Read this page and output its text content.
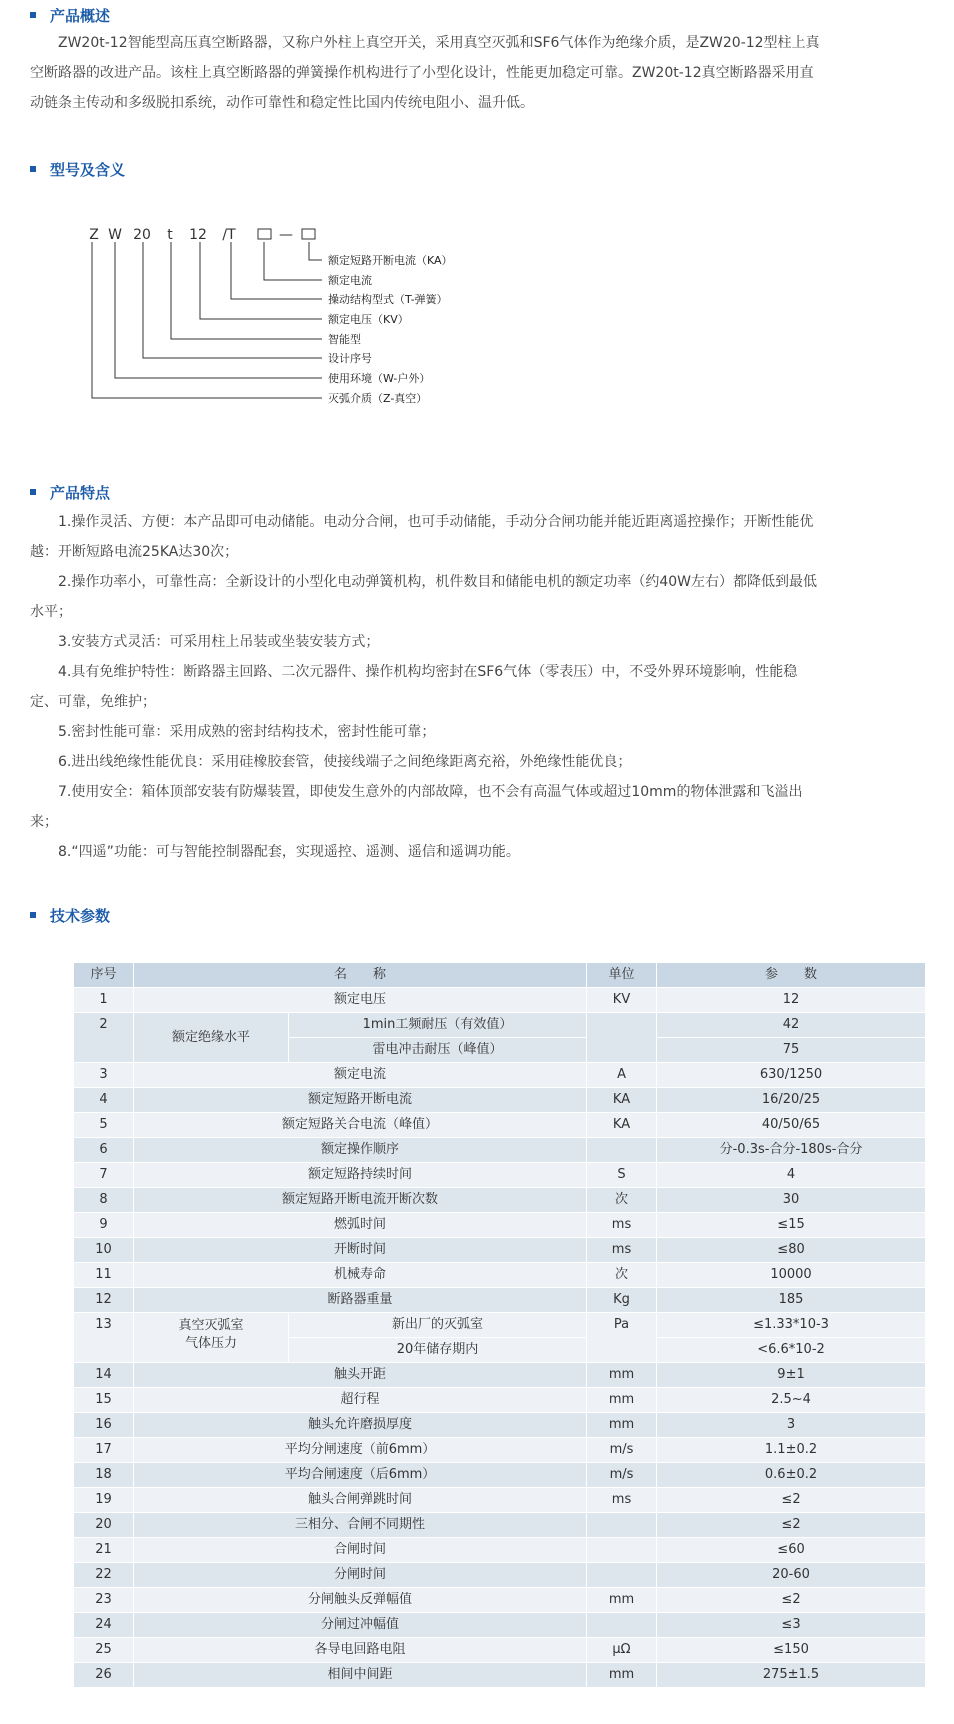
产品概述

ZW20t-12智能型高压真空断路器，又称户外柱上真空开关，采用真空灭弧和SF6气体作为绝缘介质，是ZW20-12型柱上真

空断路器的改进产品。该柱上真空断路器的弹簧操作机构进行了小型化设计，性能更加稳定可靠。ZW20t-12真空断路器采用直

动链条主传动和多级脱扣系统，动作可靠性和稳定性比国内传统电阻小、温升低。

型号及含义
Z W 20 t 12 /T	—
额定短路开断电流（KA）
额定电流
操动结构型式（T-弹簧）
额定电压（KV）
智能型
设计序号
使用环境（W-户外）
灭弧介质（Z-真空）
产品特点

1.操作灵活、方便：本产品即可电动储能。电动分合闸，也可手动储能，手动分合闸功能并能近距离遥控操作；开断性能优

越：开断短路电流25KA达30次；

2.操作功率小，可靠性高：全新设计的小型化电动弹簧机构，机件数目和储能电机的额定功率（约40W左右）都降低到最低

水平；

3.安装方式灵活：可采用柱上吊装或坐装安装方式；

4.具有免维护特性：断路器主回路、二次元器件、操作机构均密封在SF6气体（零表压）中，不受外界环境影响，性能稳

定、可靠，免维护；

5.密封性能可靠：采用成熟的密封结构技术，密封性能可靠；

6.进出线绝缘性能优良：采用硅橡胶套管，使接线端子之间绝缘距离充裕，外绝缘性能优良；

7.使用安全：箱体顶部安装有防爆装置，即使发生意外的内部故障，也不会有高温气体或超过10mm的物体泄露和飞溢出

来；

8.“四遥”功能：可与智能控制器配套，实现遥控、遥测、遥信和遥调功能。

技术参数
序号	名　　称		单位	参　　数
1	额定电压		KV	12
2	额定绝缘水平	1min工频耐压（有效值）		42
		雷电冲击耐压（峰值）		75
3	额定电流		A	630/1250
4	额定短路开断电流		KA	16/20/25
5	额定短路关合电流（峰值）		KA	40/50/65
6	额定操作顺序			分-0.3s-合分-180s-合分
7	额定短路持续时间		S	4
8	额定短路开断电流开断次数		次	30
9	燃弧时间		ms	≤15
10	开断时间		ms	≤80
11	机械寿命		次	10000
12	断路器重量		Kg	185
13	真空灭弧室
气体压力	新出厂的灭弧室	Pa	≤1.33*10-3
		20年储存期内		<6.6*10-2
14	触头开距		mm	9±1
15	超行程		mm	2.5~4
16	触头允许磨损厚度		mm	3
17	平均分闸速度（前6mm）		m/s	1.1±0.2
18	平均合闸速度（后6mm）		m/s	0.6±0.2
19	触头合闸弹跳时间		ms	≤2
20	三相分、合闸不同期性			≤2
21	合闸时间			≤60
22	分闸时间			20-60
23	分闸触头反弹幅值		mm	≤2
24	分闸过冲幅值			≤3
25	各导电回路电阻		μΩ	≤150
26	相间中间距		mm	275±1.5
